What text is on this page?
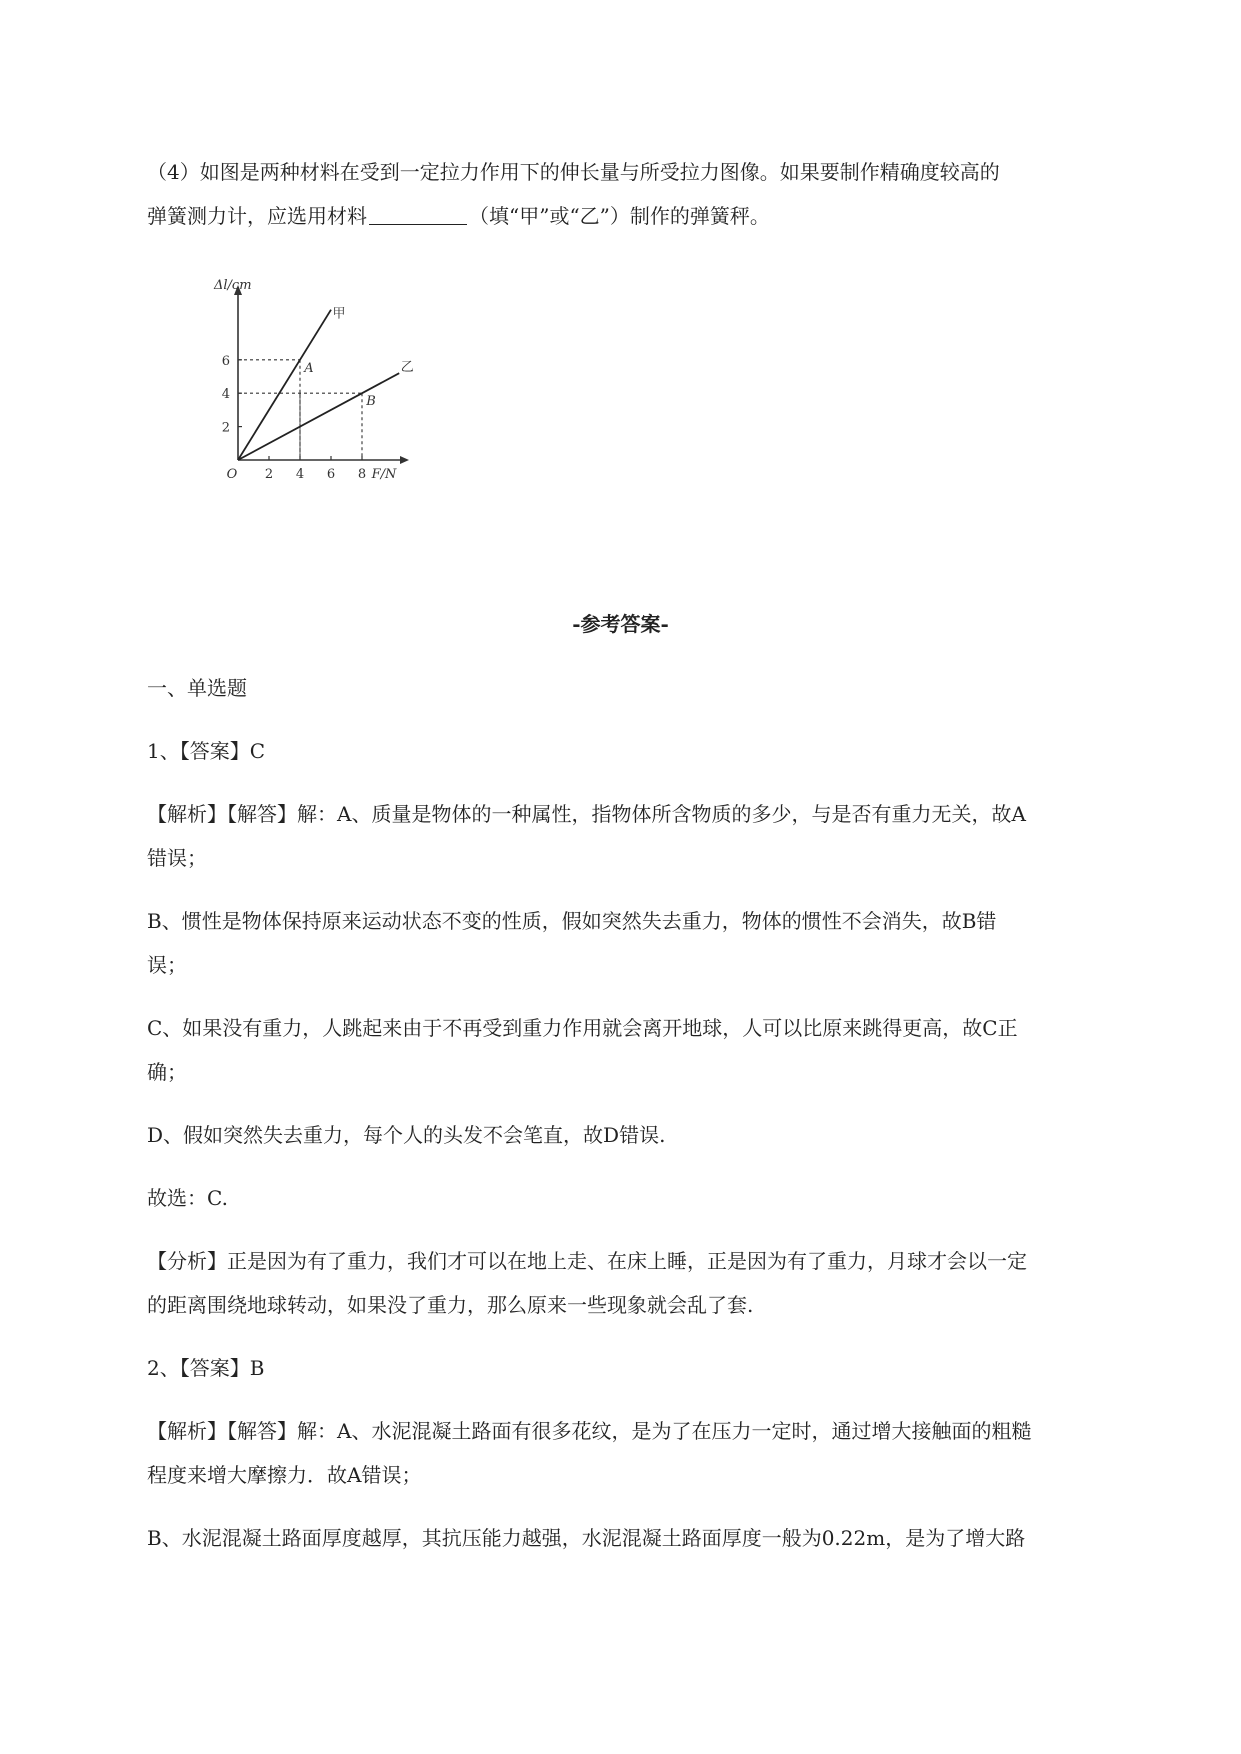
（4）如图是两种材料在受到一定拉力作用下的伸长量与所受拉力图像。如果要制作精确度较高的

弹簧测力计，应选用材料	（填“甲”或“乙”）制作的弹簧秤。

2 4 6 8
2
4
6
甲
乙
A
B
O	F/N
Δl/cm
-参考答案-

一、单选题

1、【答案】C

【解析】【解答】解：A、质量是物体的一种属性，指物体所含物质的多少，与是否有重力无关，故A

错误；

B、惯性是物体保持原来运动状态不变的性质，假如突然失去重力，物体的惯性不会消失，故B错

误；

C、如果没有重力，人跳起来由于不再受到重力作用就会离开地球，人可以比原来跳得更高，故C正

确；

D、假如突然失去重力，每个人的头发不会笔直，故D错误.

故选：C.

【分析】正是因为有了重力，我们才可以在地上走、在床上睡，正是因为有了重力，月球才会以一定

的距离围绕地球转动，如果没了重力，那么原来一些现象就会乱了套.

2、【答案】B

【解析】【解答】解：A、水泥混凝土路面有很多花纹，是为了在压力一定时，通过增大接触面的粗糙

程度来增大摩擦力．故A错误；

B、水泥混凝土路面厚度越厚，其抗压能力越强，水泥混凝土路面厚度一般为0.22m，是为了增大路
